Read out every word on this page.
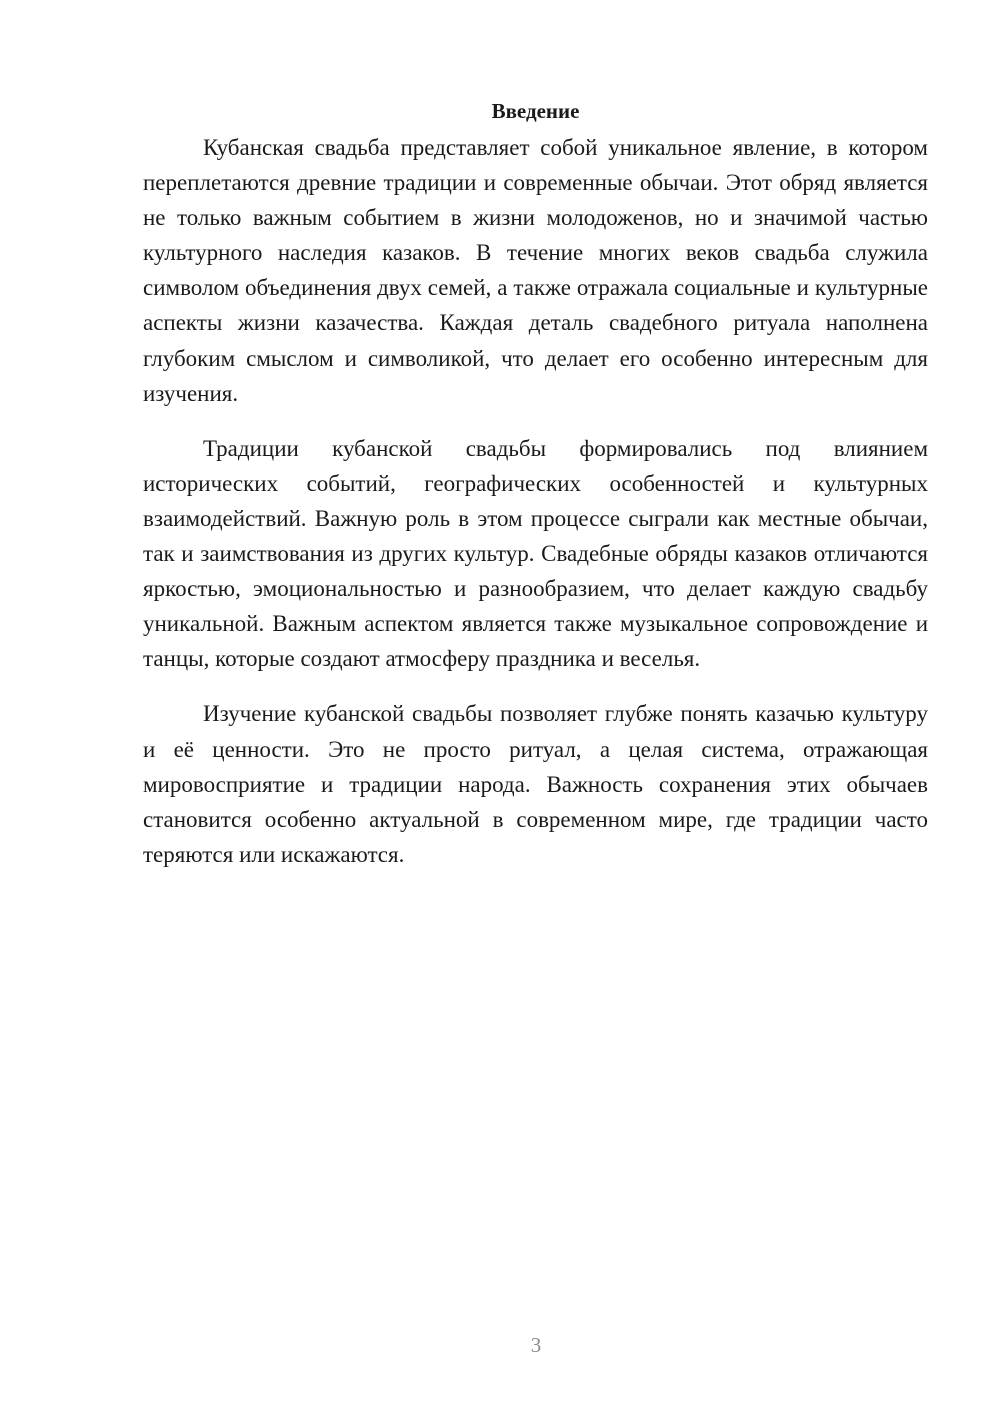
Введение

Кубанская свадьба представляет собой уникальное явление, в котором переплетаются древние традиции и современные обычаи. Этот обряд является не только важным событием в жизни молодоженов, но и значимой частью культурного наследия казаков. В течение многих веков свадьба служила символом объединения двух семей, а также отражала социальные и культурные аспекты жизни казачества. Каждая деталь свадебного ритуала наполнена глубоким смыслом и символикой, что делает его особенно интересным для изучения.

Традиции кубанской свадьбы формировались под влиянием исторических событий, географических особенностей и культурных взаимодействий. Важную роль в этом процессе сыграли как местные обычаи, так и заимствования из других культур. Свадебные обряды казаков отличаются яркостью, эмоциональностью и разнообразием, что делает каждую свадьбу уникальной. Важным аспектом является также музыкальное сопровождение и танцы, которые создают атмосферу праздника и веселья.

Изучение кубанской свадьбы позволяет глубже понять казачью культуру и её ценности. Это не просто ритуал, а целая система, отражающая мировосприятие и традиции народа. Важность сохранения этих обычаев становится особенно актуальной в современном мире, где традиции часто теряются или искажаются.

3
